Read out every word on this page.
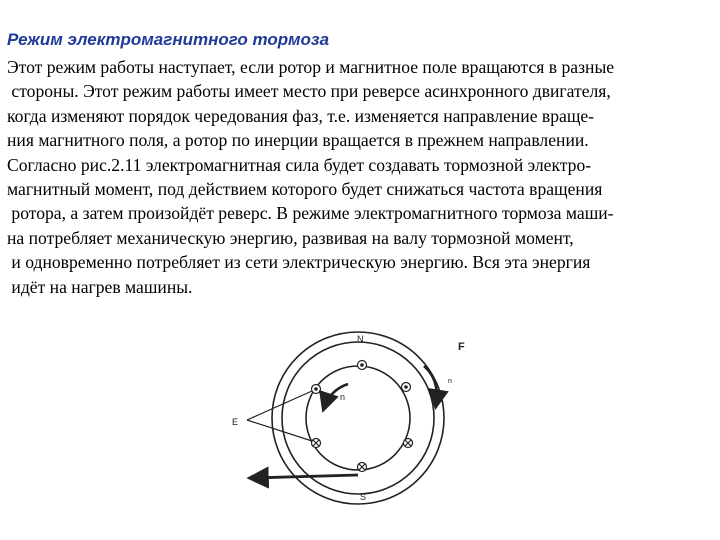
Режим электромагнитного тормоза
Этот режим работы наступает, если ротор и магнитное поле вращаются в разные
стороны. Этот режим работы имеет место при реверсе асинхронного двигателя,
когда изменяют порядок чередования фаз, т.е. изменяется направление враще-
ния магнитного поля, а ротор по инерции вращается в прежнем направлении.
Согласно рис.2.11 электромагнитная сила будет создавать тормозной электро-
магнитный момент, под действием которого будет снижаться частота вращения
ротора, а затем произойдёт реверс. В режиме электромагнитного тормоза маши-
на потребляет механическую энергию, развивая на валу тормозной момент,
и одновременно потребляет из сети электрическую энергию. Вся эта энергия
идёт на нагрев машины.
N
S
F
n
n
E
